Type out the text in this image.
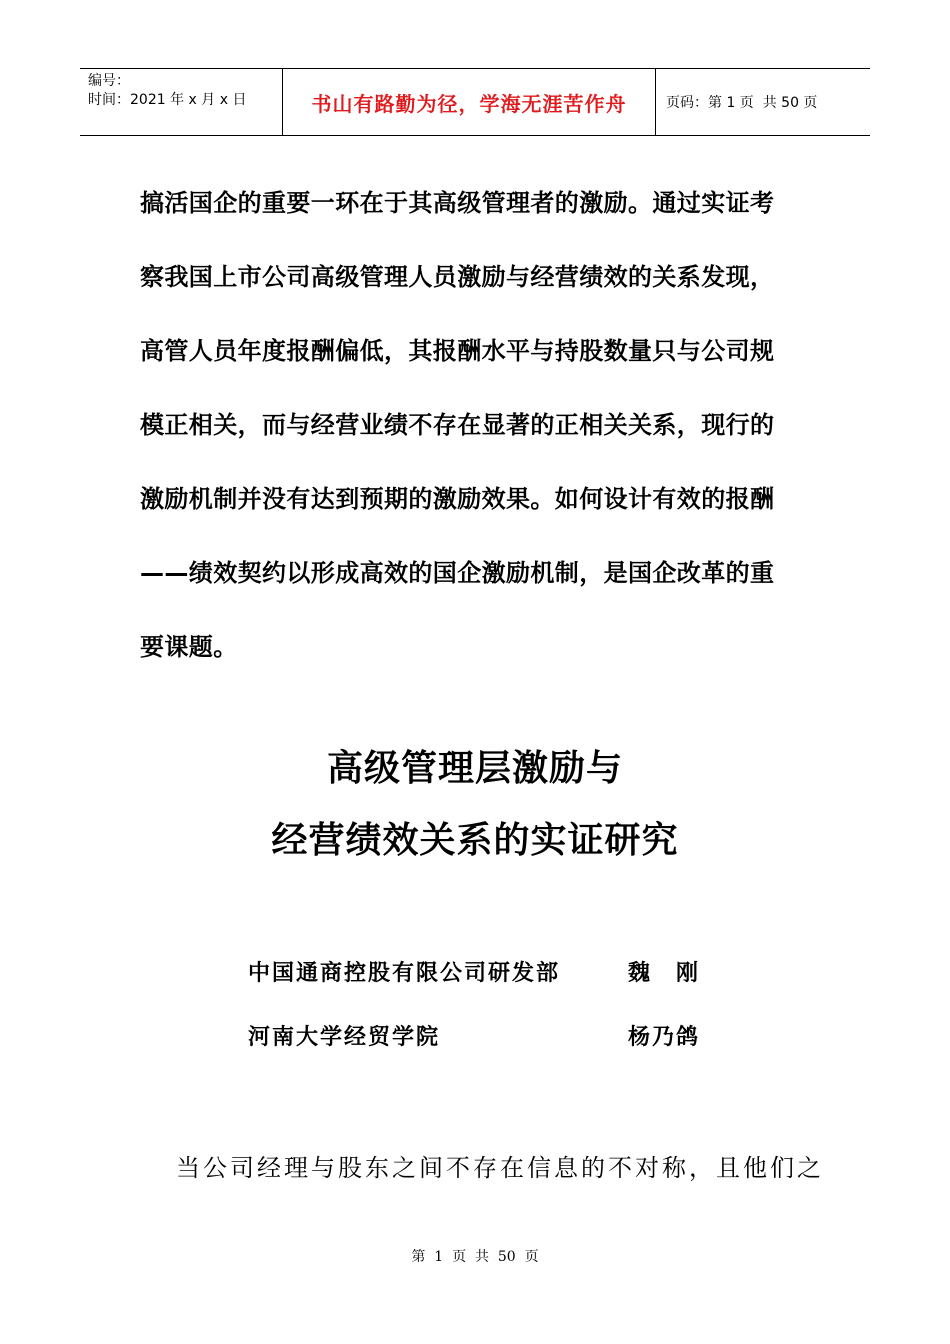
编号：
时间：2021 年 x 月 x 日	书山有路勤为径，学海无涯苦作舟	页码：第 1 页  共 50 页
搞活国企的重要一环在于其高级管理者的激励。通过实证考
察我国上市公司高级管理人员激励与经营绩效的关系发现，
高管人员年度报酬偏低，其报酬水平与持股数量只与公司规
模正相关，而与经营业绩不存在显著的正相关关系，现行的
激励机制并没有达到预期的激励效果。如何设计有效的报酬
——绩效契约以形成高效的国企激励机制，是国企改革的重
要课题。
高级管理层激励与
经营绩效关系的实证研究
中国通商控股有限公司研发部	魏　刚
河南大学经贸学院	杨乃鸽

当公司经理与股东之间不存在信息的不对称，且他们之

第  1  页  共  50  页
